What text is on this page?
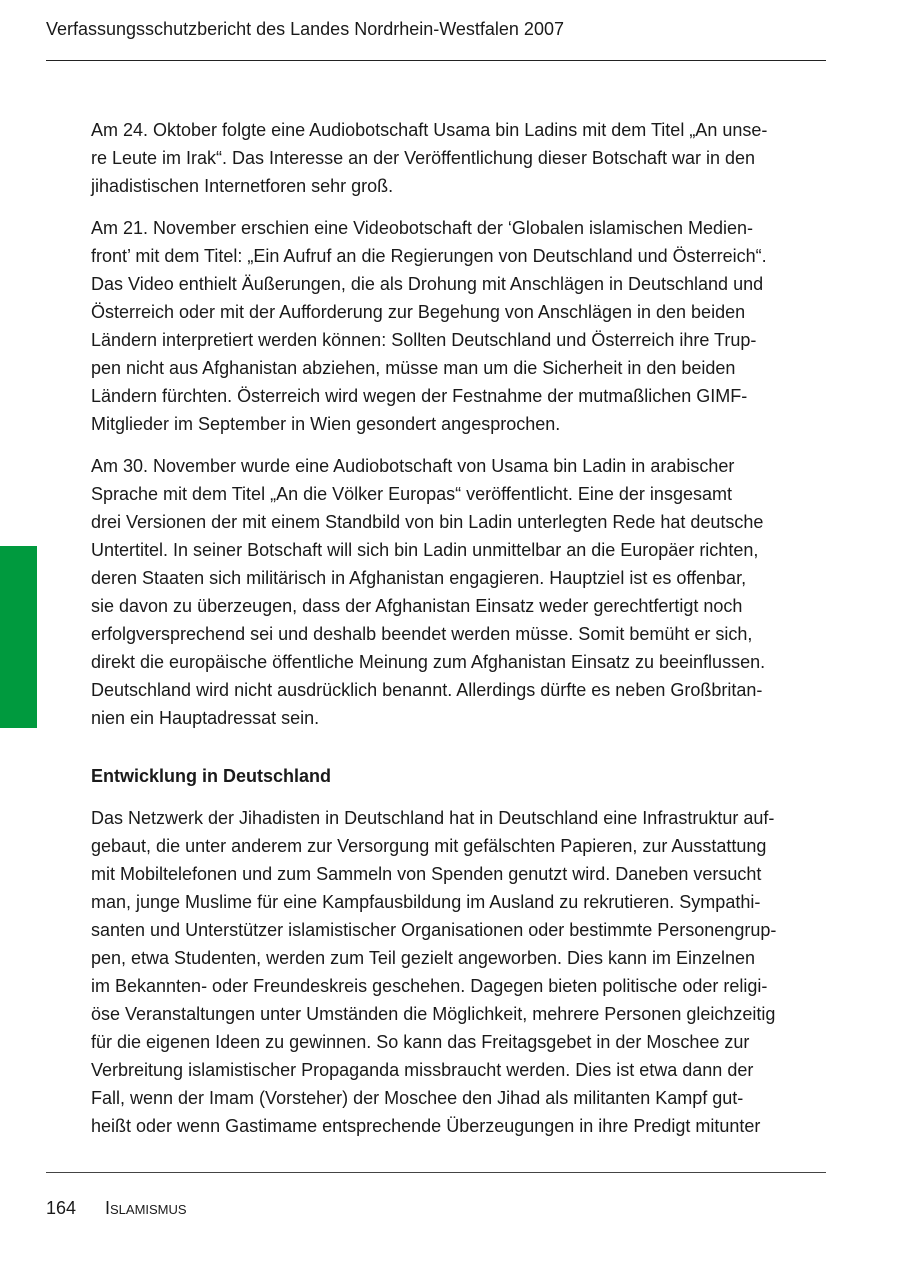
Verfassungsschutzbericht des Landes Nordrhein-Westfalen 2007
Am 24. Oktober folgte eine Audiobotschaft Usama bin Ladins mit dem Titel „An unse-
re Leute im Irak“. Das Interesse an der Veröffentlichung dieser Botschaft war in den
jihadistischen Internetforen sehr groß.
Am 21. November erschien eine Videobotschaft der ‘Globalen islamischen Medien-
front’ mit dem Titel: „Ein Aufruf an die Regierungen von Deutschland und Österreich“.
Das Video enthielt Äußerungen, die als Drohung mit Anschlägen in Deutschland und
Österreich oder mit der Aufforderung zur Begehung von Anschlägen in den beiden
Ländern interpretiert werden können: Sollten Deutschland und Österreich ihre Trup-
pen nicht aus Afghanistan abziehen, müsse man um die Sicherheit in den beiden
Ländern fürchten. Österreich wird wegen der Festnahme der mutmaßlichen GIMF-
Mitglieder im September in Wien gesondert angesprochen.
Am 30. November wurde eine Audiobotschaft von Usama bin Ladin in arabischer
Sprache mit dem Titel „An die Völker Europas“ veröffentlicht. Eine der insgesamt
drei Versionen der mit einem Standbild von bin Ladin unterlegten Rede hat deutsche
Untertitel. In seiner Botschaft will sich bin Ladin unmittelbar an die Europäer richten,
deren Staaten sich militärisch in Afghanistan engagieren. Hauptziel ist es offenbar,
sie davon zu überzeugen, dass der Afghanistan Einsatz weder gerechtfertigt noch
erfolgversprechend sei und deshalb beendet werden müsse. Somit bemüht er sich,
direkt die europäische öffentliche Meinung zum Afghanistan Einsatz zu beeinflussen.
Deutschland wird nicht ausdrücklich benannt. Allerdings dürfte es neben Großbritan-
nien ein Hauptadressat sein.
Entwicklung in Deutschland
Das Netzwerk der Jihadisten in Deutschland hat in Deutschland eine Infrastruktur auf-
gebaut, die unter anderem zur Versorgung mit gefälschten Papieren, zur Ausstattung
mit Mobiltelefonen und zum Sammeln von Spenden genutzt wird. Daneben versucht
man, junge Muslime für eine Kampfausbildung im Ausland zu rekrutieren. Sympathi-
santen und Unterstützer islamistischer Organisationen oder bestimmte Personengrup-
pen, etwa Studenten, werden zum Teil gezielt angeworben. Dies kann im Einzelnen
im Bekannten- oder Freundeskreis geschehen. Dagegen bieten politische oder religi-
öse Veranstaltungen unter Umständen die Möglichkeit, mehrere Personen gleichzeitig
für die eigenen Ideen zu gewinnen. So kann das Freitagsgebet in der Moschee zur
Verbreitung islamistischer Propaganda missbraucht werden. Dies ist etwa dann der
Fall, wenn der Imam (Vorsteher) der Moschee den Jihad als militanten Kampf gut-
heißt oder wenn Gastimame entsprechende Überzeugungen in ihre Predigt mitunter
164 Islamismus
